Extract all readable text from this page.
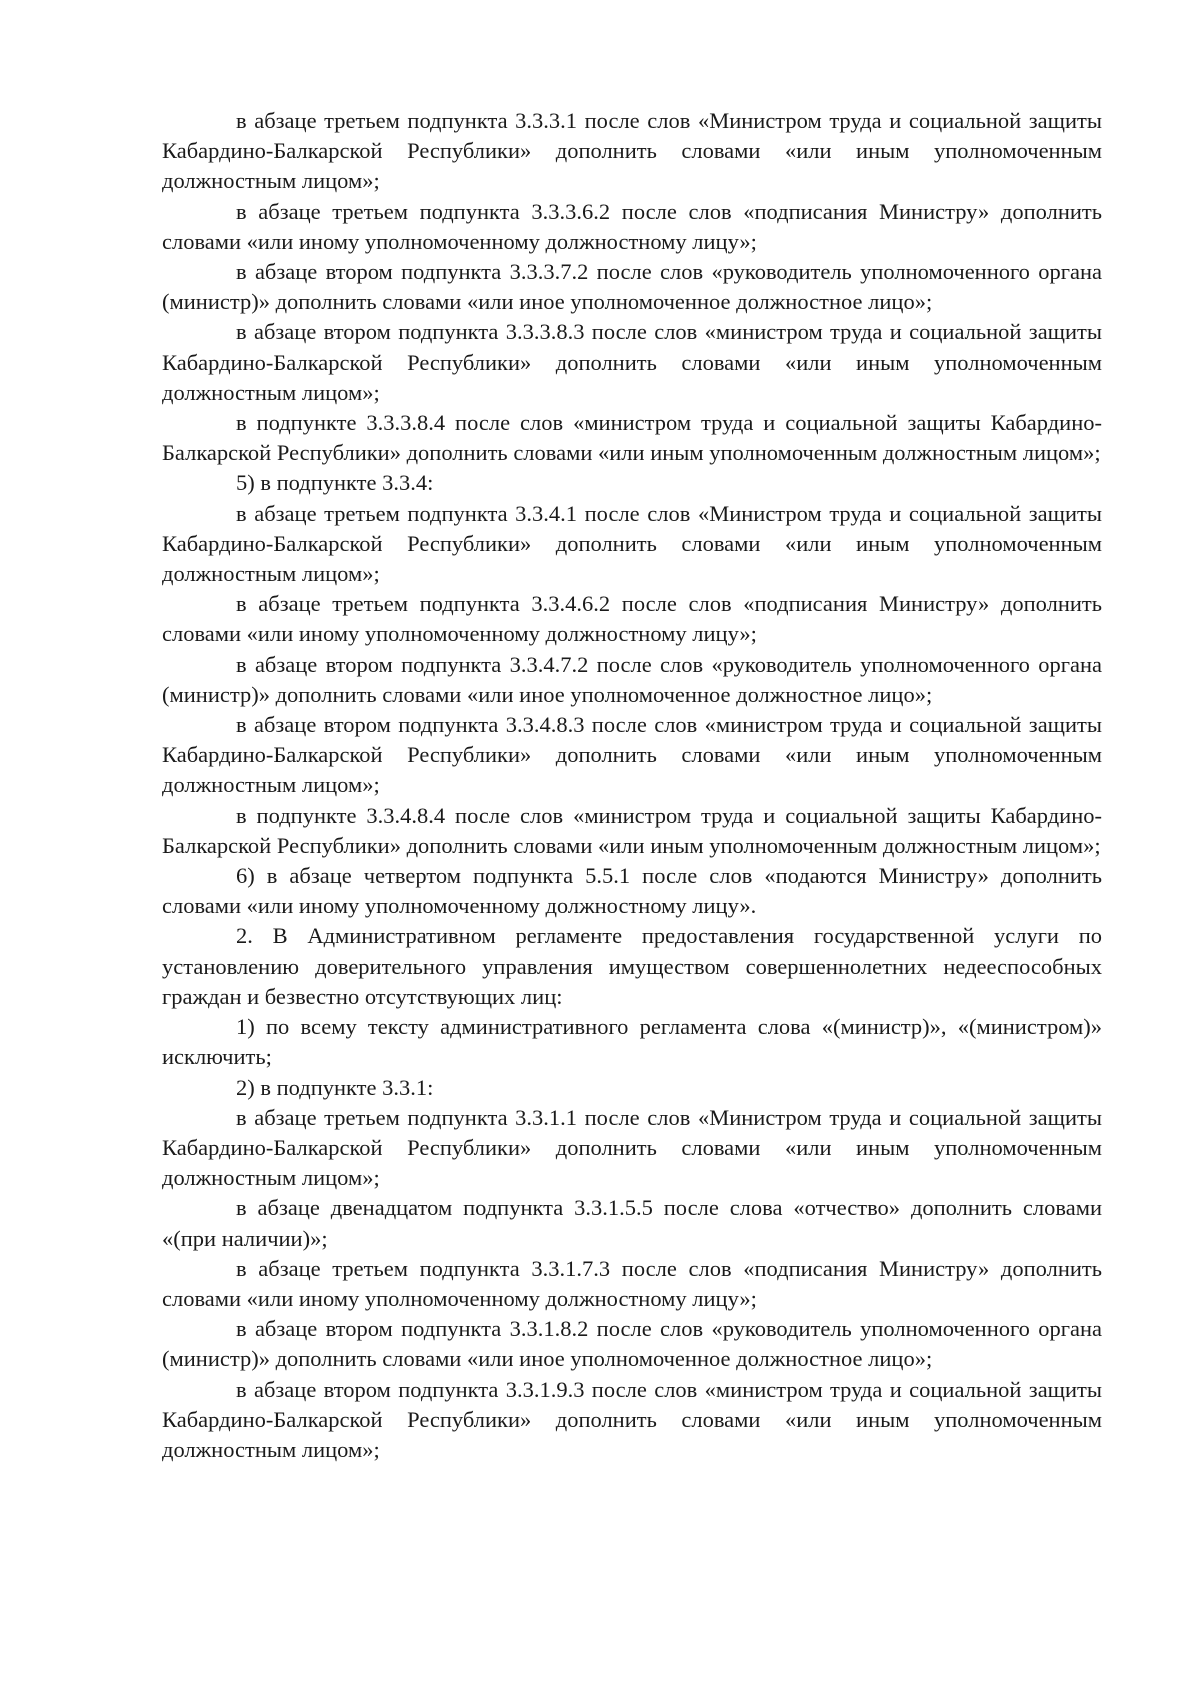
в абзаце третьем подпункта 3.3.3.1 после слов «Министром труда и социальной защиты Кабардино-Балкарской Республики» дополнить словами «или иным уполномоченным должностным лицом»;

в абзаце третьем подпункта 3.3.3.6.2 после слов «подписания Министру» дополнить словами «или иному уполномоченному должностному лицу»;

в абзаце втором подпункта 3.3.3.7.2 после слов «руководитель уполномоченного органа (министр)» дополнить словами «или иное уполномоченное должностное лицо»;

в абзаце втором подпункта 3.3.3.8.3 после слов «министром труда и социальной защиты Кабардино-Балкарской Республики» дополнить словами «или иным уполномоченным должностным лицом»;

в подпункте 3.3.3.8.4 после слов «министром труда и социальной защиты Кабардино-Балкарской Республики» дополнить словами «или иным уполномоченным должностным лицом»;

5) в подпункте 3.3.4:

в абзаце третьем подпункта 3.3.4.1 после слов «Министром труда и социальной защиты Кабардино-Балкарской Республики» дополнить словами «или иным уполномоченным должностным лицом»;

в абзаце третьем подпункта 3.3.4.6.2 после слов «подписания Министру» дополнить словами «или иному уполномоченному должностному лицу»;

в абзаце втором подпункта 3.3.4.7.2 после слов «руководитель уполномоченного органа (министр)» дополнить словами «или иное уполномоченное должностное лицо»;

в абзаце втором подпункта 3.3.4.8.3 после слов «министром труда и социальной защиты Кабардино-Балкарской Республики» дополнить словами «или иным уполномоченным должностным лицом»;

в подпункте 3.3.4.8.4 после слов «министром труда и социальной защиты Кабардино-Балкарской Республики» дополнить словами «или иным уполномоченным должностным лицом»;

6) в абзаце четвертом подпункта 5.5.1 после слов «подаются Министру» дополнить словами «или иному уполномоченному должностному лицу».

2. В Административном регламенте предоставления государственной услуги по установлению доверительного управления имуществом совершеннолетних недееспособных граждан и безвестно отсутствующих лиц:

1) по всему тексту административного регламента слова «(министр)», «(министром)» исключить;

2) в подпункте 3.3.1:

в абзаце третьем подпункта 3.3.1.1 после слов «Министром труда и социальной защиты Кабардино-Балкарской Республики» дополнить словами «или иным уполномоченным должностным лицом»;

в абзаце двенадцатом подпункта 3.3.1.5.5 после слова «отчество» дополнить словами «(при наличии)»;

в абзаце третьем подпункта 3.3.1.7.3 после слов «подписания Министру» дополнить словами «или иному уполномоченному должностному лицу»;

в абзаце втором подпункта 3.3.1.8.2 после слов «руководитель уполномоченного органа (министр)» дополнить словами «или иное уполномоченное должностное лицо»;

в абзаце втором подпункта 3.3.1.9.3 после слов «министром труда и социальной защиты Кабардино-Балкарской Республики» дополнить словами «или иным уполномоченным должностным лицом»;
